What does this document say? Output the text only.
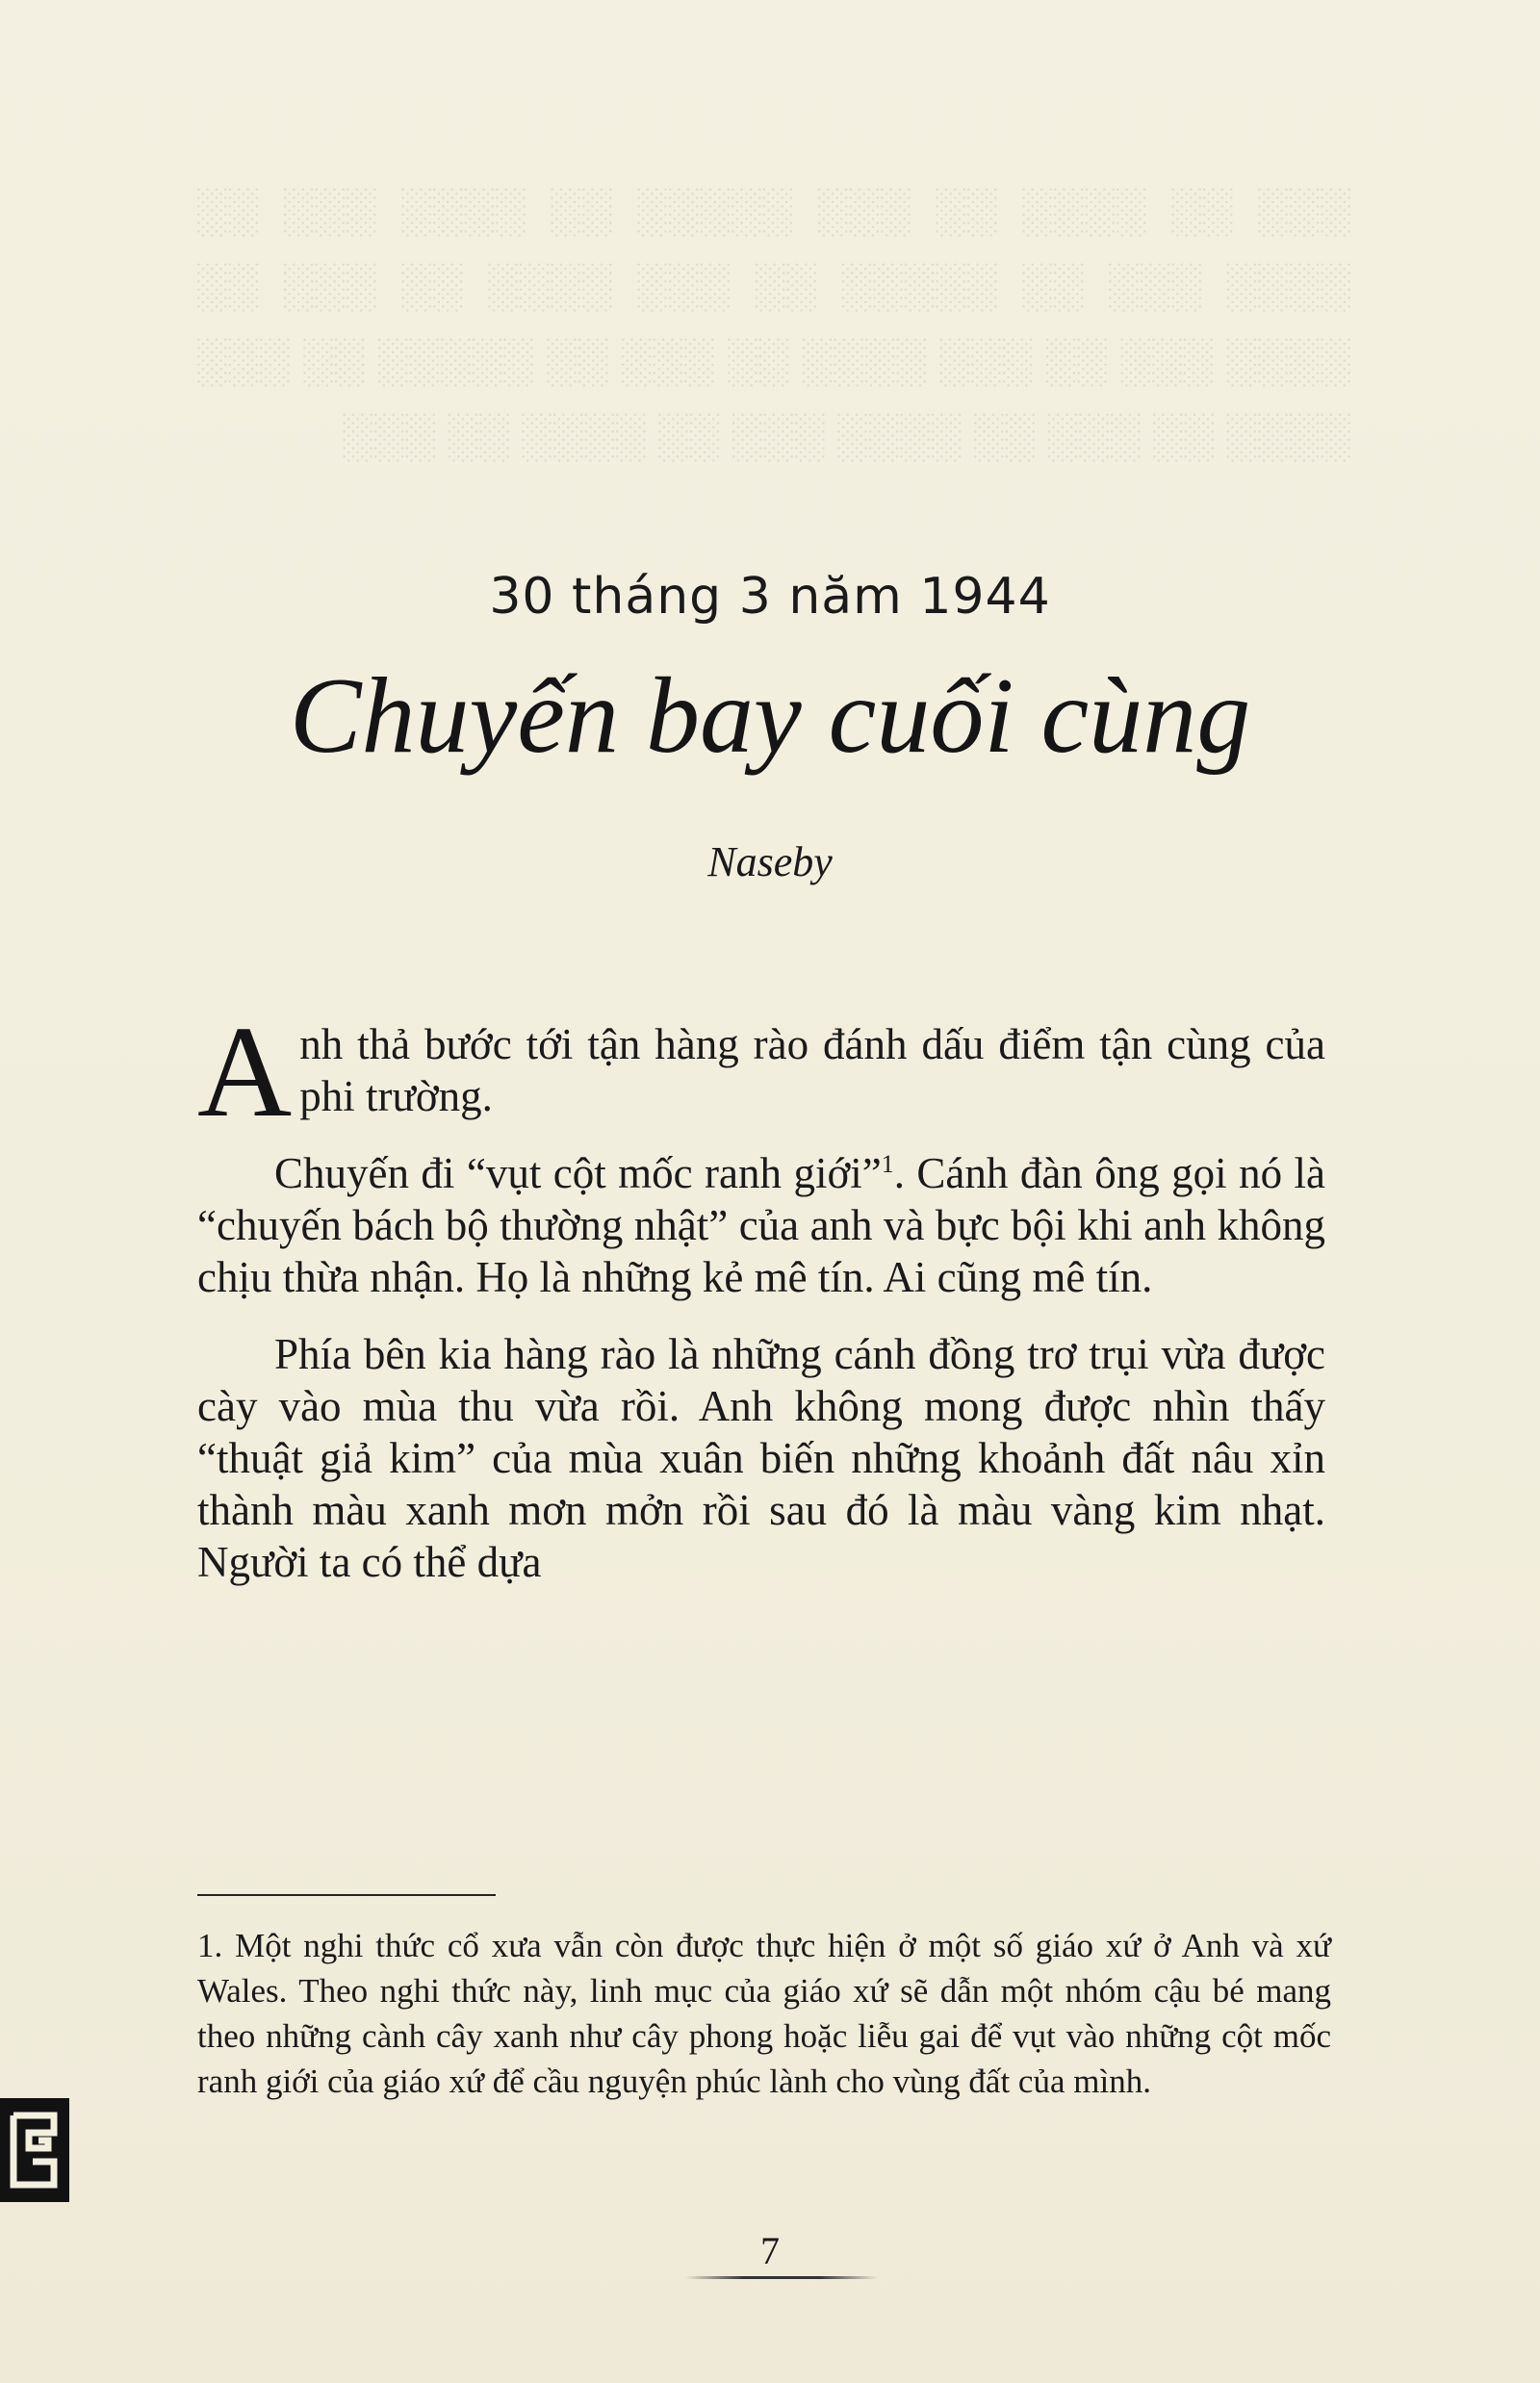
░░░ ░░ ░░░░ ░░ ░░░ ░░░░░ ░░ ░░░░ ░░░ ░░ ░░░░ ░░░ ░░ ░░░░░ ░░ ░░░ ░░░░ ░░ ░░░ ░░ ░░░░ ░░░ ░░ ░░░ ░░░░ ░░ ░░░ ░░ ░░░░░ ░░ ░░░ ░░░░ ░░ ░░░ ░░ ░░░░ ░░░ ░░ ░░░░ ░░ ░░░
30 tháng 3 năm 1944
Chuyến bay cuối cùng
Naseby

Anh thả bước tới tận hàng rào đánh dấu điểm tận cùng của phi trường.

Chuyến đi “vụt cột mốc ranh giới”$^1$. Cánh đàn ông gọi nó là “chuyến bách bộ thường nhật” của anh và bực bội khi anh không chịu thừa nhận. Họ là những kẻ mê tín. Ai cũng mê tín.

Phía bên kia hàng rào là những cánh đồng trơ trụi vừa được cày vào mùa thu vừa rồi. Anh không mong được nhìn thấy “thuật giả kim” của mùa xuân biến những khoảnh đất nâu xỉn thành màu xanh mơn mởn rồi sau đó là màu vàng kim nhạt. Người ta có thể dựa

1. Một nghi thức cổ xưa vẫn còn được thực hiện ở một số giáo xứ ở Anh và xứ Wales. Theo nghi thức này, linh mục của giáo xứ sẽ dẫn một nhóm cậu bé mang theo những cành cây xanh như cây phong hoặc liễu gai để vụt vào những cột mốc ranh giới của giáo xứ để cầu nguyện phúc lành cho vùng đất của mình.
7
